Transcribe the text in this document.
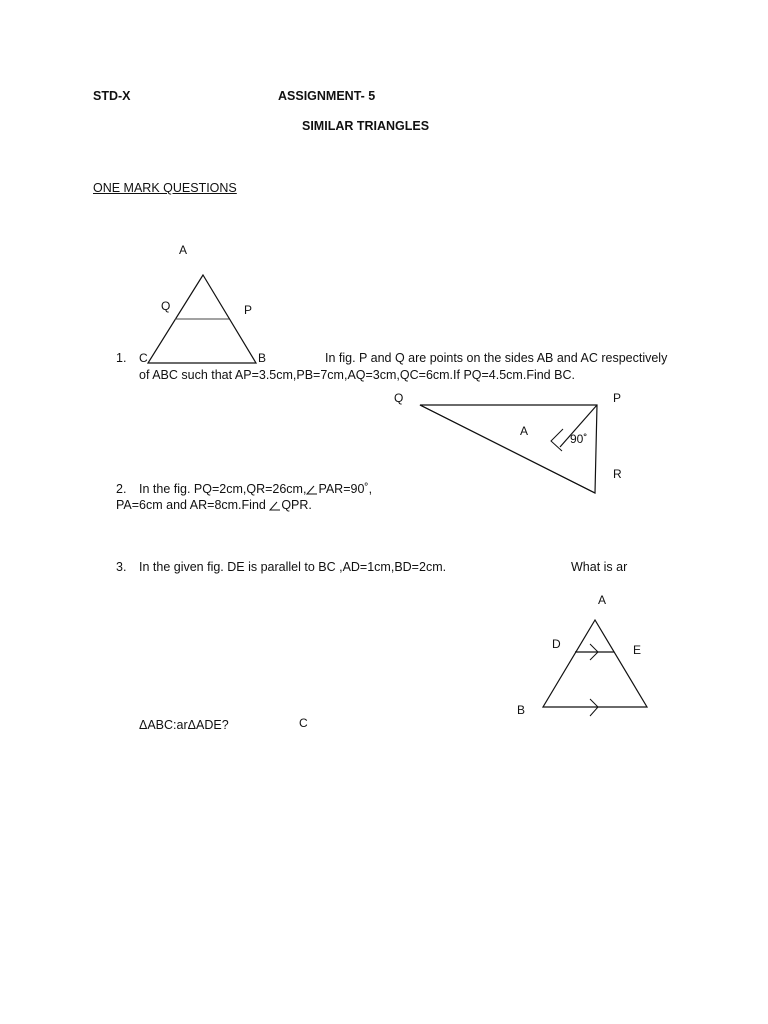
STD-X	ASSIGNMENT- 5
SIMILAR TRIANGLES
ONE MARK QUESTIONS
A
Q	P
C	B
1.	In fig. P and Q are points on the sides AB and AC respectively
of ABC such that AP=3.5cm,PB=7cm,AQ=3cm,QC=6cm.If PQ=4.5cm.Find BC.
Q	P
A
90˚
R
2. In the fig. PQ=2cm,QR=26cm, PAR=90˚,
PA=6cm and AR=8cm.Find
QPR.
3. In the given fig. DE is parallel to BC ,AD=1cm,BD=2cm.	What is ar
ΔABC:arΔADE?
A
D	E
B
C
